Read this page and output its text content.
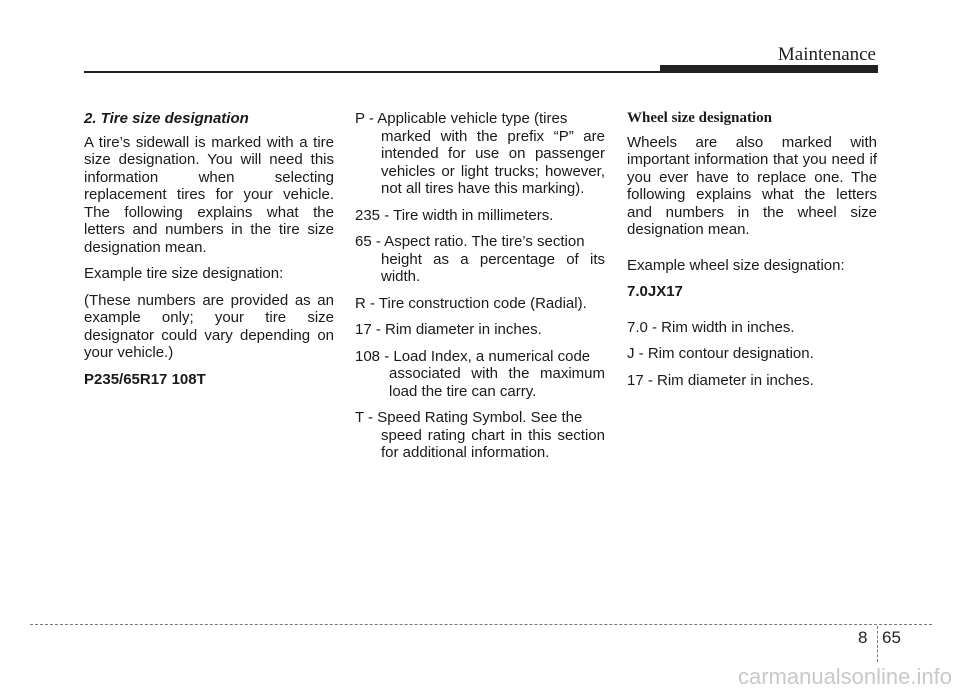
Maintenance

2. Tire size designation

A tire’s sidewall is marked with a tire size designation. You will need this information when selecting replacement tires for your vehicle. The following explains what the letters and numbers in the tire size designation mean.

Example tire size designation:

(These numbers are provided as an example only; your tire size designator could vary depending on your vehicle.)

P235/65R17 108T

P - Applicable vehicle type (tires
marked with the prefix “P” are intended for use on passenger vehicles or light trucks; however, not all tires have this marking).

235 - Tire width in millimeters.

65 - Aspect ratio. The tire’s section
height as a percentage of its width.

R - Tire construction code (Radial).

17 - Rim diameter in inches.

108 - Load Index, a numerical code
associated with the maximum load the tire can carry.

T - Speed Rating Symbol. See the
speed rating chart in this section for additional information.

Wheel size designation

Wheels are also marked with important information that you need if you ever have to replace one. The following explains what the letters and numbers in the wheel size designation mean.

Example wheel size designation:

7.0JX17

7.0 - Rim width in inches.

J - Rim contour designation.

17 - Rim diameter in inches.

8 65
carmanualsonline.info
